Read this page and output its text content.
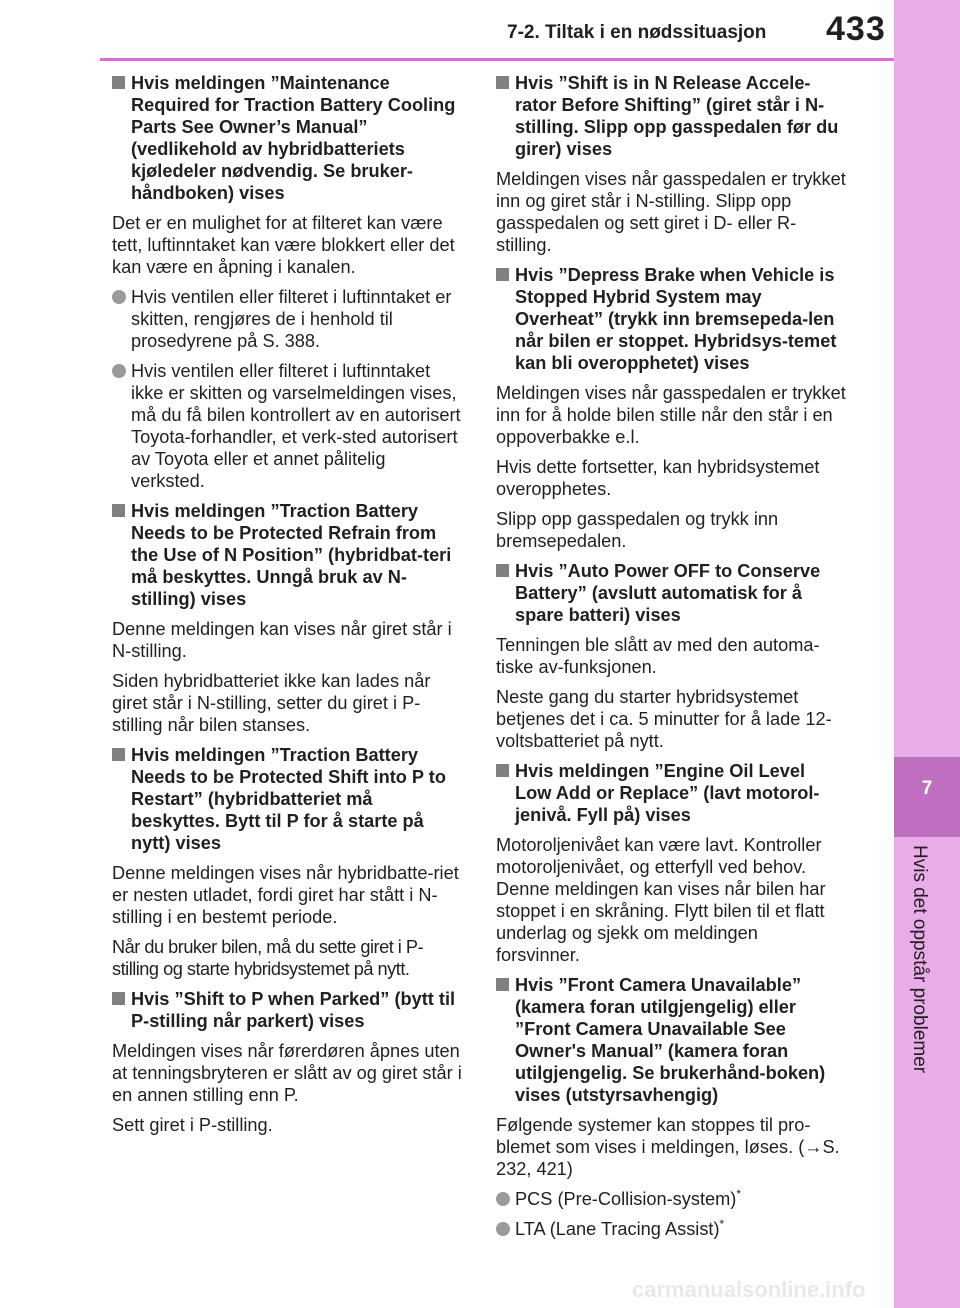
7-2. Tiltak i en nødssituasjon 433
7
Hvis det oppstår problemer
Hvis meldingen ”Maintenance Required for Traction Battery Cooling Parts See Owner’s Manual” (vedlikehold av hybridbatteriets kjøledeler nødvendig. Se bruker-håndboken) vises
Det er en mulighet for at filteret kan være tett, luftinntaket kan være blokkert eller det kan være en åpning i kanalen.
Hvis ventilen eller filteret i luftinntaket er skitten, rengjøres de i henhold til prosedyrene på S. 388.
Hvis ventilen eller filteret i luftinntaket ikke er skitten og varselmeldingen vises, må du få bilen kontrollert av en autorisert Toyota-forhandler, et verk-sted autorisert av Toyota eller et annet pålitelig verksted.
Hvis meldingen ”Traction Battery Needs to be Protected Refrain from the Use of N Position” (hybridbat-teri må beskyttes. Unngå bruk av N-stilling) vises
Denne meldingen kan vises når giret står i N-stilling.
Siden hybridbatteriet ikke kan lades når giret står i N-stilling, setter du giret i P-stilling når bilen stanses.
Hvis meldingen ”Traction Battery Needs to be Protected Shift into P to Restart” (hybridbatteriet må beskyttes. Bytt til P for å starte på nytt) vises
Denne meldingen vises når hybridbatte-riet er nesten utladet, fordi giret har stått i N-stilling i en bestemt periode.
Når du bruker bilen, må du sette giret i P-stilling og starte hybridsystemet på nytt.
Hvis ”Shift to P when Parked” (bytt til P-stilling når parkert) vises
Meldingen vises når førerdøren åpnes uten at tenningsbryteren er slått av og giret står i en annen stilling enn P.
Sett giret i P-stilling.
Hvis ”Shift is in N Release Accele-rator Before Shifting” (giret står i N-stilling. Slipp opp gasspedalen før du girer) vises
Meldingen vises når gasspedalen er trykket inn og giret står i N-stilling. Slipp opp gasspedalen og sett giret i D- eller R-stilling.
Hvis ”Depress Brake when Vehicle is Stopped Hybrid System may Overheat” (trykk inn bremsepeda-len når bilen er stoppet. Hybridsys-temet kan bli overopphetet) vises
Meldingen vises når gasspedalen er trykket inn for å holde bilen stille når den står i en oppoverbakke e.l.
Hvis dette fortsetter, kan hybridsystemet overopphetes.
Slipp opp gasspedalen og trykk inn bremsepedalen.
Hvis ”Auto Power OFF to Conserve Battery” (avslutt automatisk for å spare batteri) vises
Tenningen ble slått av med den automa-tiske av-funksjonen.
Neste gang du starter hybridsystemet betjenes det i ca. 5 minutter for å lade 12-voltsbatteriet på nytt.
Hvis meldingen ”Engine Oil Level Low Add or Replace” (lavt motorol-jenivå. Fyll på) vises
Motoroljenivået kan være lavt. Kontroller motoroljenivået, og etterfyll ved behov. Denne meldingen kan vises når bilen har stoppet i en skråning. Flytt bilen til et flatt underlag og sjekk om meldingen forsvinner.
Hvis ”Front Camera Unavailable” (kamera foran utilgjengelig) eller ”Front Camera Unavailable See Owner's Manual” (kamera foran utilgjengelig. Se brukerhånd-boken) vises (utstyrsavhengig)
Følgende systemer kan stoppes til pro-blemet som vises i meldingen, løses. (→S. 232, 421)
PCS (Pre-Collision-system)*
LTA (Lane Tracing Assist)*
carmanualsonline.info
